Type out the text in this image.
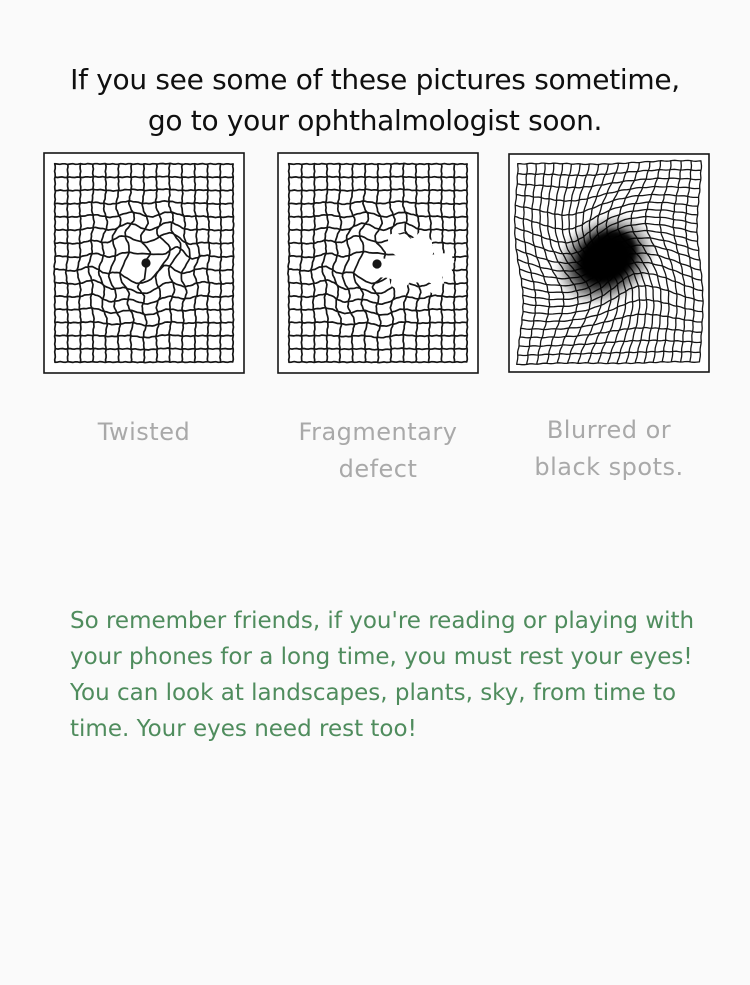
If you see some of these pictures sometime,
go to your ophthalmologist soon.
Twisted	Fragmentary defect
Blurred or black spots.
So remember friends, if you're reading or playing with
your phones for a long time, you must rest your eyes!
You can look at landscapes, plants, sky, from time to
time. Your eyes need rest too!
